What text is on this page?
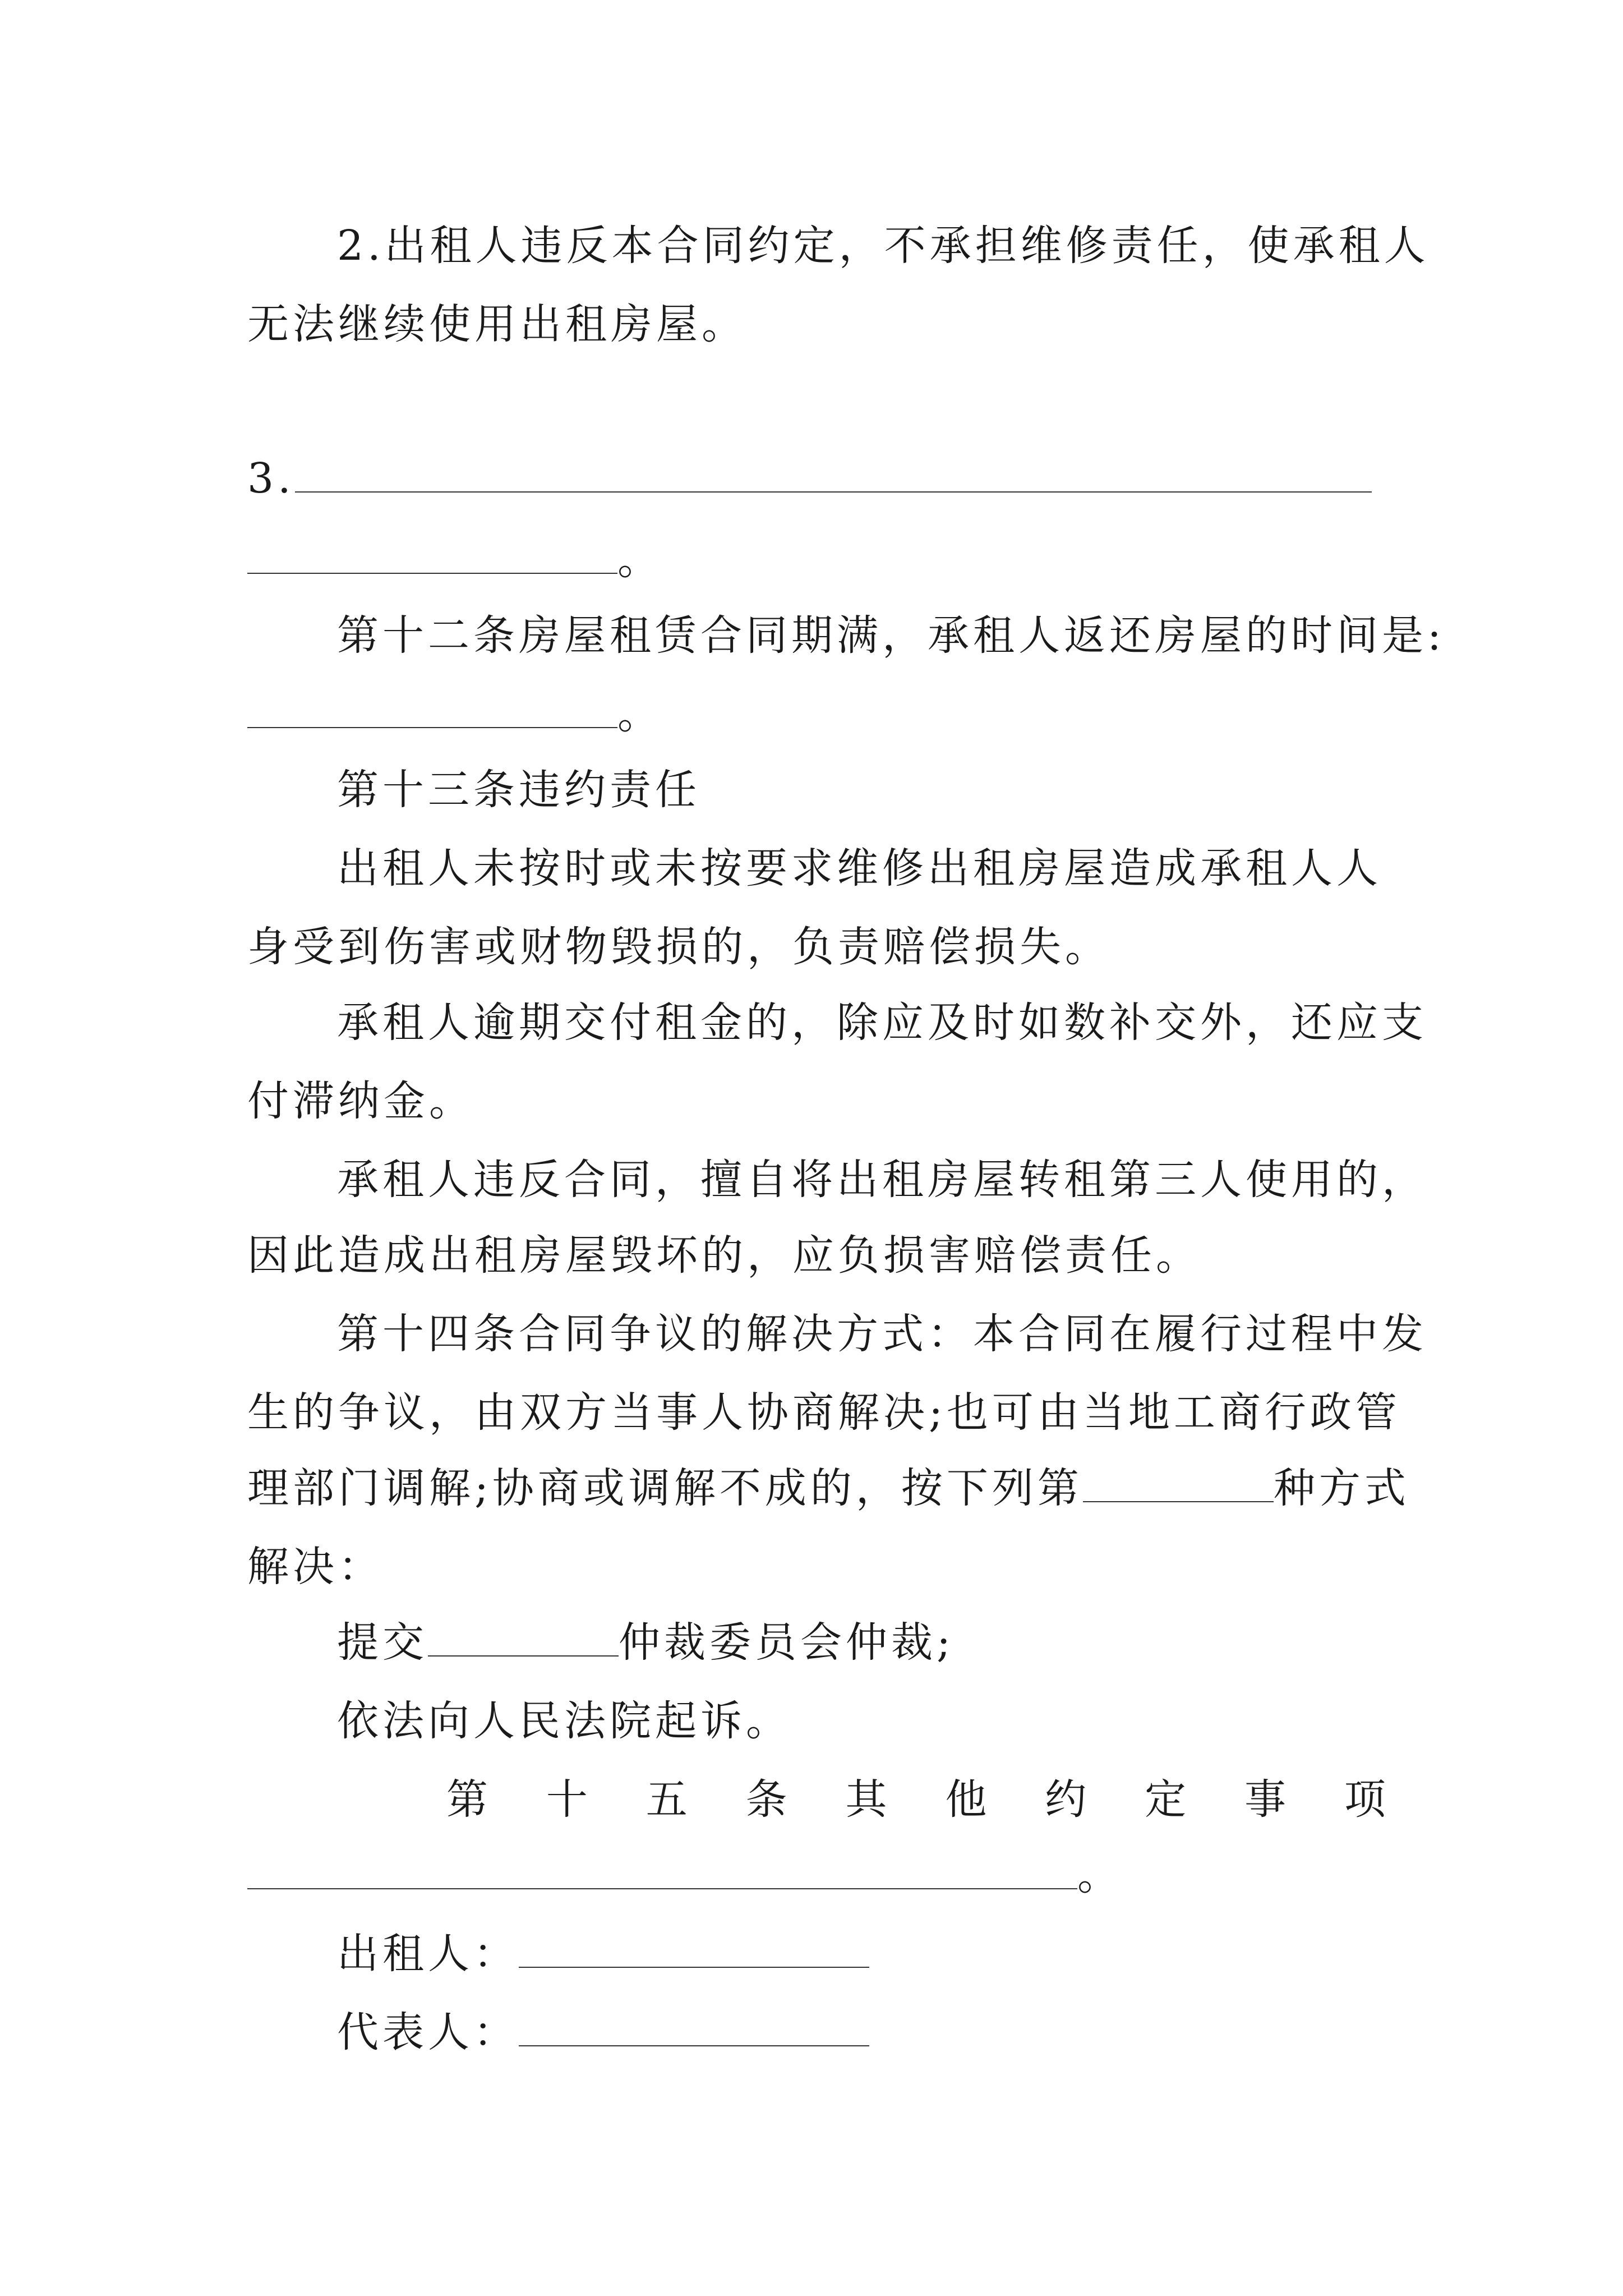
2.出租人违反本合同约定，不承担维修责任，使承租人
无法继续使用出租房屋。
3.
。
第十二条房屋租赁合同期满，承租人返还房屋的时间是:
。
第十三条违约责任
出租人未按时或未按要求维修出租房屋造成承租人人
身受到伤害或财物毁损的，负责赔偿损失。
承租人逾期交付租金的，除应及时如数补交外，还应支
付滞纳金。
承租人违反合同，擅自将出租房屋转租第三人使用的，
因此造成出租房屋毁坏的，应负损害赔偿责任。
第十四条合同争议的解决方式：本合同在履行过程中发
生的争议，由双方当事人协商解决;也可由当地工商行政管
理部门调解;协商或调解不成的，按下列第	种方式
解决：
提交	仲裁委员会仲裁;
依法向人民法院起诉。
第 十 五 条 其 他 约 定 事 项
。
出租人：
代表人：
